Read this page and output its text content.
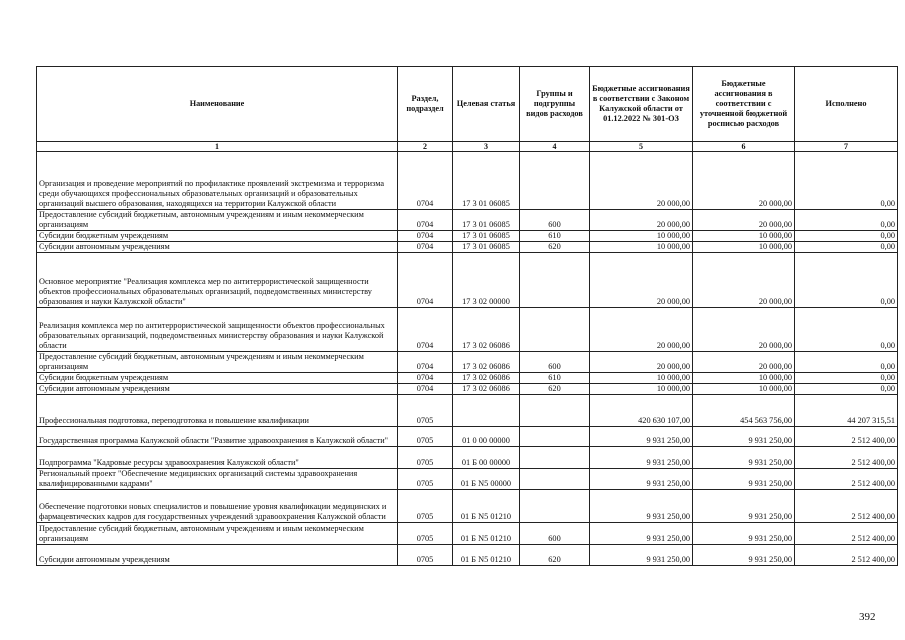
Наименование	Раздел, подраздел	Целевая статья	Группы и подгруппы видов расходов	Бюджетные ассигнования в соответствии с Законом Калужской области от 01.12.2022 № 301-ОЗ	Бюджетные ассигнования в соответствии с уточненной бюджетной росписью расходов	Исполнено
1	2	3	4	5	6	7
Организация и проведение мероприятий по профилактике проявлений экстремизма и терроризма среди обучающихся профессиональных образовательных организаций и образовательных организаций высшего образования, находящихся на территории Калужской области	0704	17 3 01 06085		20 000,00	20 000,00	0,00
Предоставление субсидий бюджетным, автономным учреждениям и иным некоммерческим организациям	0704	17 3 01 06085	600	20 000,00	20 000,00	0,00
Субсидии бюджетным учреждениям	0704	17 3 01 06085	610	10 000,00	10 000,00	0,00
Субсидии автономным учреждениям	0704	17 3 01 06085	620	10 000,00	10 000,00	0,00
Основное мероприятие "Реализация комплекса мер по антитеррористической защищенности объектов профессиональных образовательных организаций, подведомственных министерству образования и науки Калужской области"	0704	17 3 02 00000		20 000,00	20 000,00	0,00
Реализация комплекса мер по антитеррористической защищенности объектов профессиональных образовательных организаций, подведомственных министерству образования и науки Калужской области	0704	17 3 02 06086		20 000,00	20 000,00	0,00
Предоставление субсидий бюджетным, автономным учреждениям и иным некоммерческим организациям	0704	17 3 02 06086	600	20 000,00	20 000,00	0,00
Субсидии бюджетным учреждениям	0704	17 3 02 06086	610	10 000,00	10 000,00	0,00
Субсидии автономным учреждениям	0704	17 3 02 06086	620	10 000,00	10 000,00	0,00
Профессиональная подготовка, переподготовка и повышение квалификации	0705			420 630 107,00	454 563 756,00	44 207 315,51
Государственная программа Калужской области "Развитие здравоохранения в Калужской области"	0705	01 0 00 00000		9 931 250,00	9 931 250,00	2 512 400,00
Подпрограмма "Кадровые ресурсы здравоохранения Калужской области"	0705	01 Б 00 00000		9 931 250,00	9 931 250,00	2 512 400,00
Региональный проект "Обеспечение медицинских организаций системы здравоохранения квалифицированными кадрами"	0705	01 Б N5 00000		9 931 250,00	9 931 250,00	2 512 400,00
Обеспечение подготовки новых специалистов и повышение уровня квалификации медицинских и фармацевтических кадров для государственных учреждений здравоохранения Калужской области	0705	01 Б N5 01210		9 931 250,00	9 931 250,00	2 512 400,00
Предоставление субсидий бюджетным, автономным учреждениям и иным некоммерческим организациям	0705	01 Б N5 01210	600	9 931 250,00	9 931 250,00	2 512 400,00
Субсидии автономным учреждениям	0705	01 Б N5 01210	620	9 931 250,00	9 931 250,00	2 512 400,00
392
